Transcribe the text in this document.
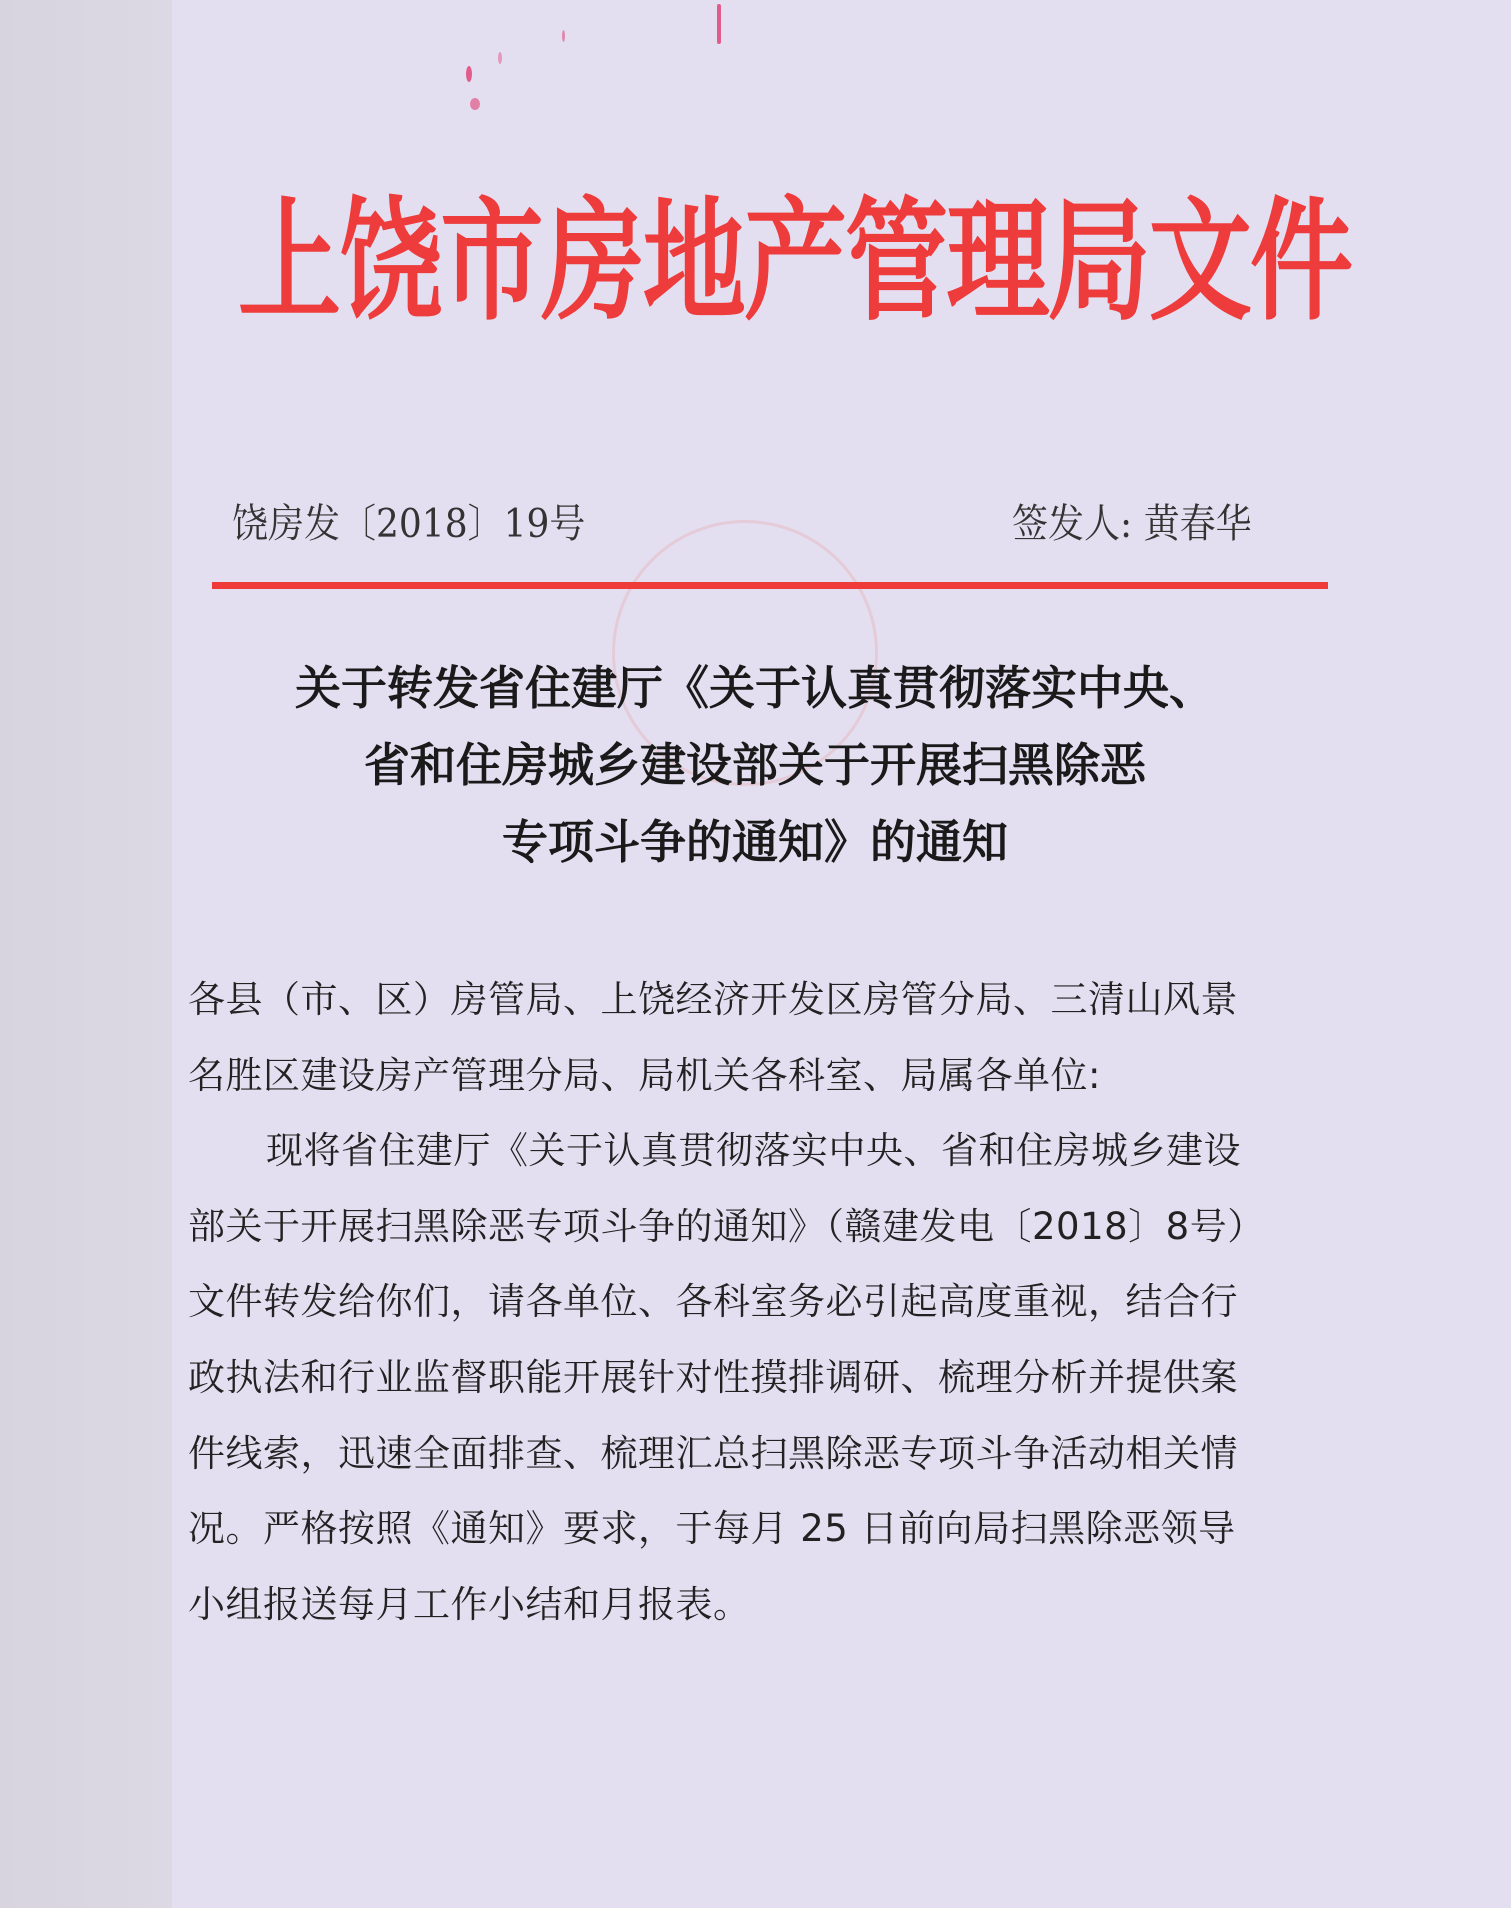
上饶市房地产管理局文件
饶房发〔2018〕19号	签发人: 黄春华
关于转发省住建厅《关于认真贯彻落实中央、
省和住房城乡建设部关于开展扫黑除恶
专项斗争的通知》的通知
各县（市、区）房管局、上饶经济开发区房管分局、三清山风景
名胜区建设房产管理分局、局机关各科室、局属各单位:
现将省住建厅《关于认真贯彻落实中央、省和住房城乡建设
部关于开展扫黑除恶专项斗争的通知》（赣建发电〔2018〕8号）
文件转发给你们，请各单位、各科室务必引起高度重视，结合行
政执法和行业监督职能开展针对性摸排调研、梳理分析并提供案
件线索，迅速全面排查、梳理汇总扫黑除恶专项斗争活动相关情
况。严格按照《通知》要求，于每月 25 日前向局扫黑除恶领导
小组报送每月工作小结和月报表。
